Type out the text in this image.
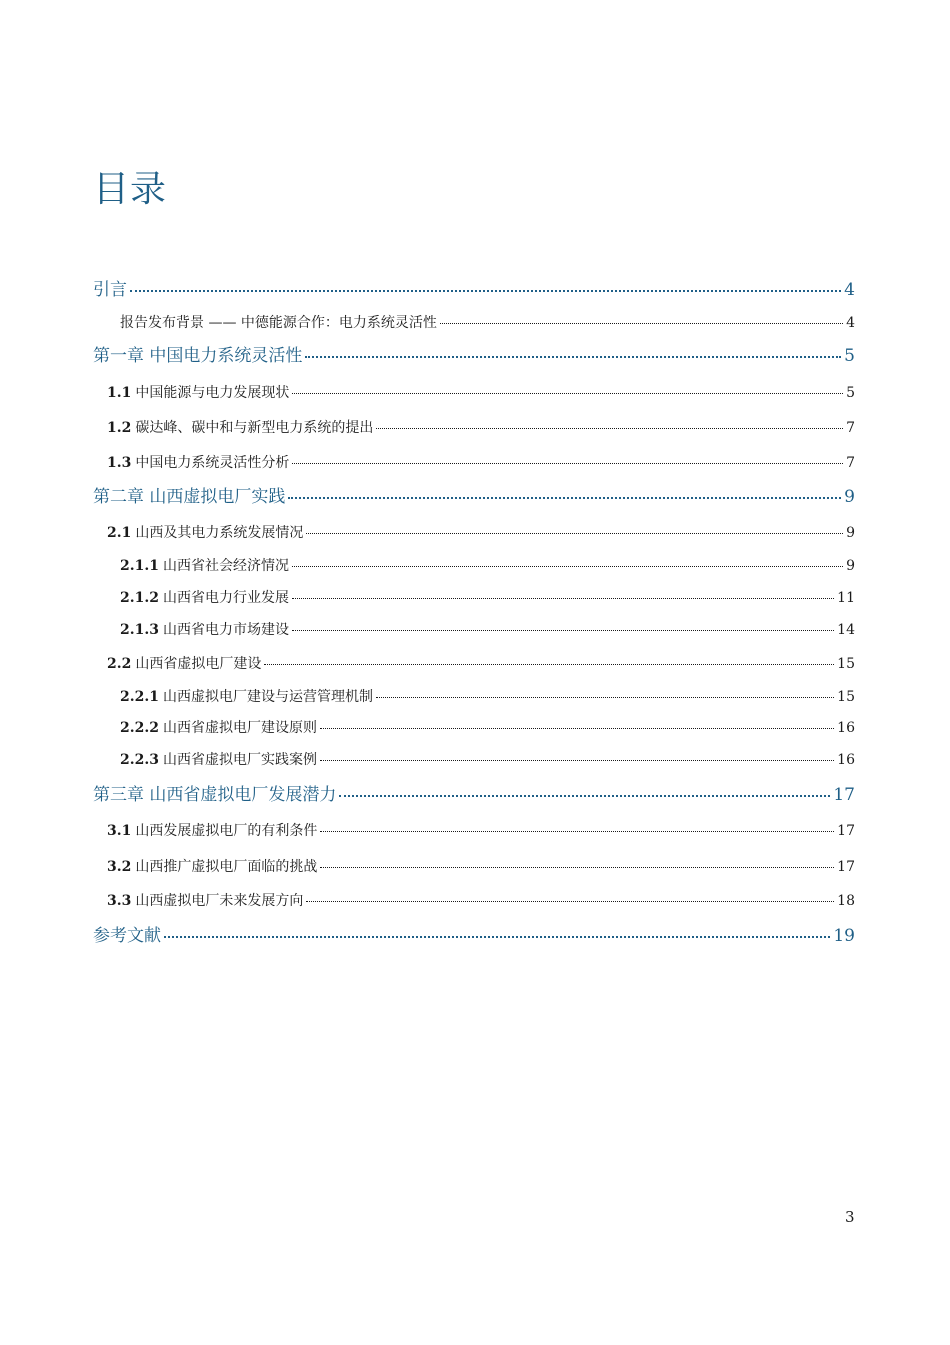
目录
引言	4
报告发布背景 —— 中德能源合作：电力系统灵活性	4
第一章 中国电力系统灵活性	5
1.1 中国能源与电力发展现状	5
1.2 碳达峰、碳中和与新型电力系统的提出	7
1.3 中国电力系统灵活性分析	7
第二章 山西虚拟电厂实践	9
2.1 山西及其电力系统发展情况	9
2.1.1 山西省社会经济情况	9
2.1.2 山西省电力行业发展	11
2.1.3 山西省电力市场建设	14
2.2 山西省虚拟电厂建设	15
2.2.1 山西虚拟电厂建设与运营管理机制	15
2.2.2 山西省虚拟电厂建设原则	16
2.2.3 山西省虚拟电厂实践案例	16
第三章 山西省虚拟电厂发展潜力	17
3.1 山西发展虚拟电厂的有利条件	17
3.2 山西推广虚拟电厂面临的挑战	17
3.3 山西虚拟电厂未来发展方向	18
参考文献	19
3
